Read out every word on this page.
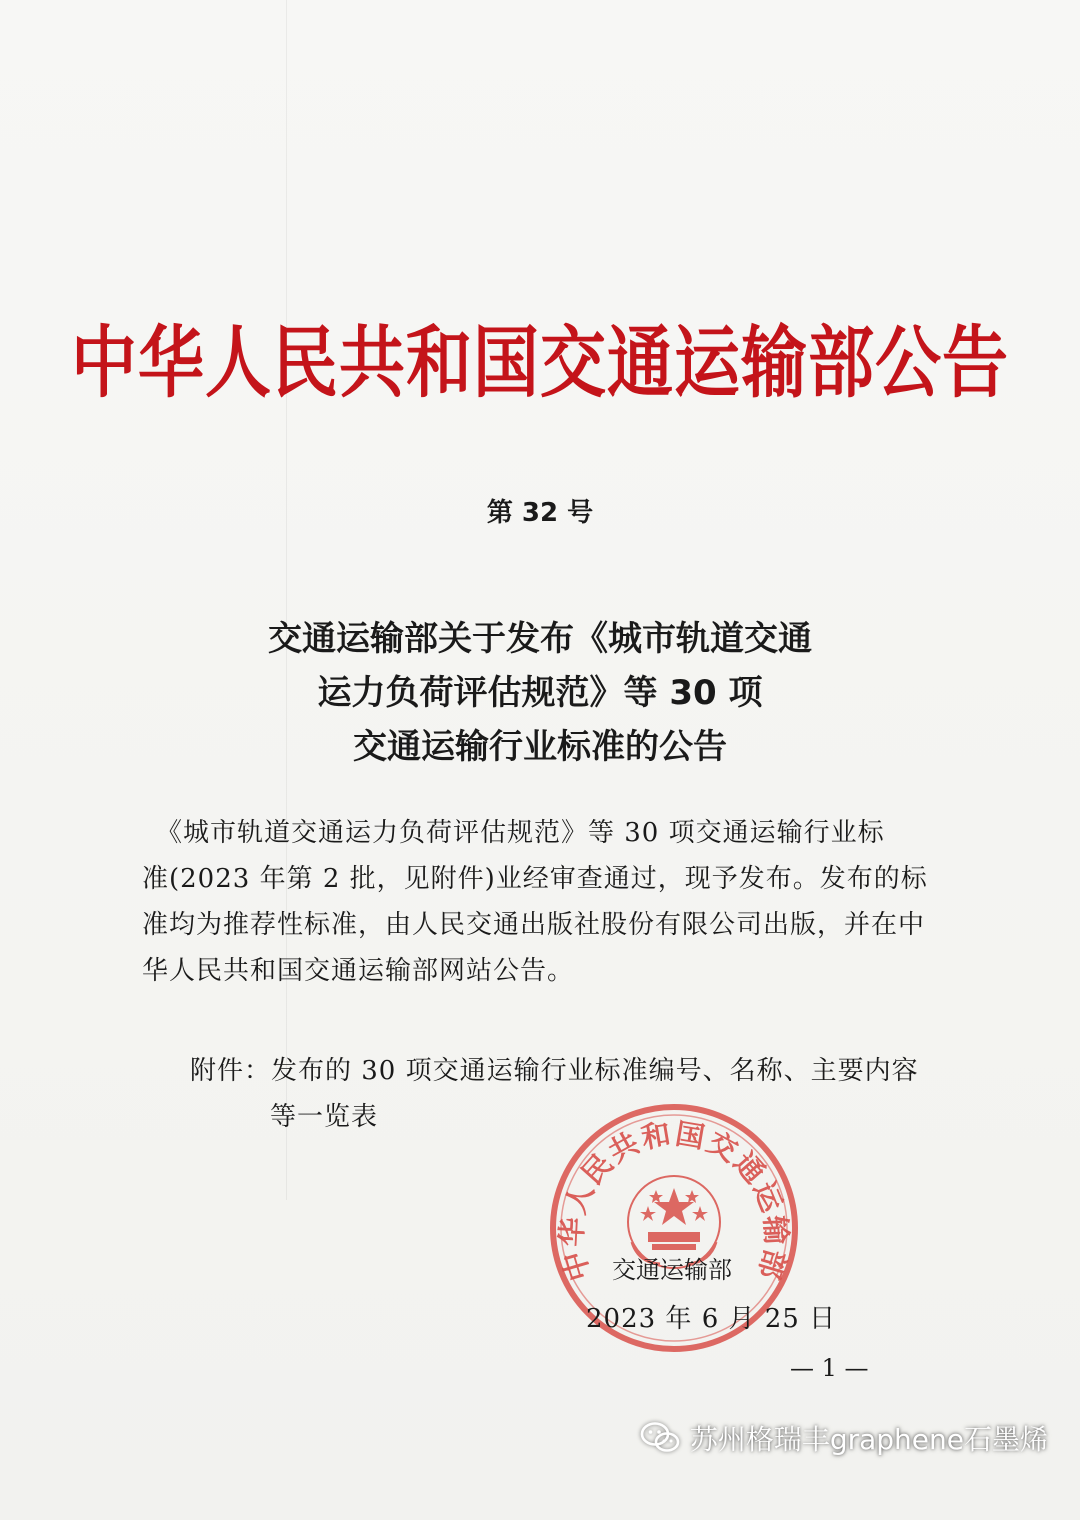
中华人民共和国交通运输部公告
第 32 号
交通运输部关于发布《城市轨道交通
运力负荷评估规范》等 30 项
交通运输行业标准的公告
　《城市轨道交通运力负荷评估规范》等 30 项交通运输行业标
准(2023 年第 2 批，见附件)业经审查通过，现予发布。发布的标
准均为推荐性标准，由人民交通出版社股份有限公司出版，并在中
华人民共和国交通运输部网站公告。
附件：发布的 30 项交通运输行业标准编号、名称、主要内容
等一览表
中华人民共和国交通运输部
交通运输部
2023 年 6 月 25 日
— 1 —
苏州格瑞丰graphene石墨烯
